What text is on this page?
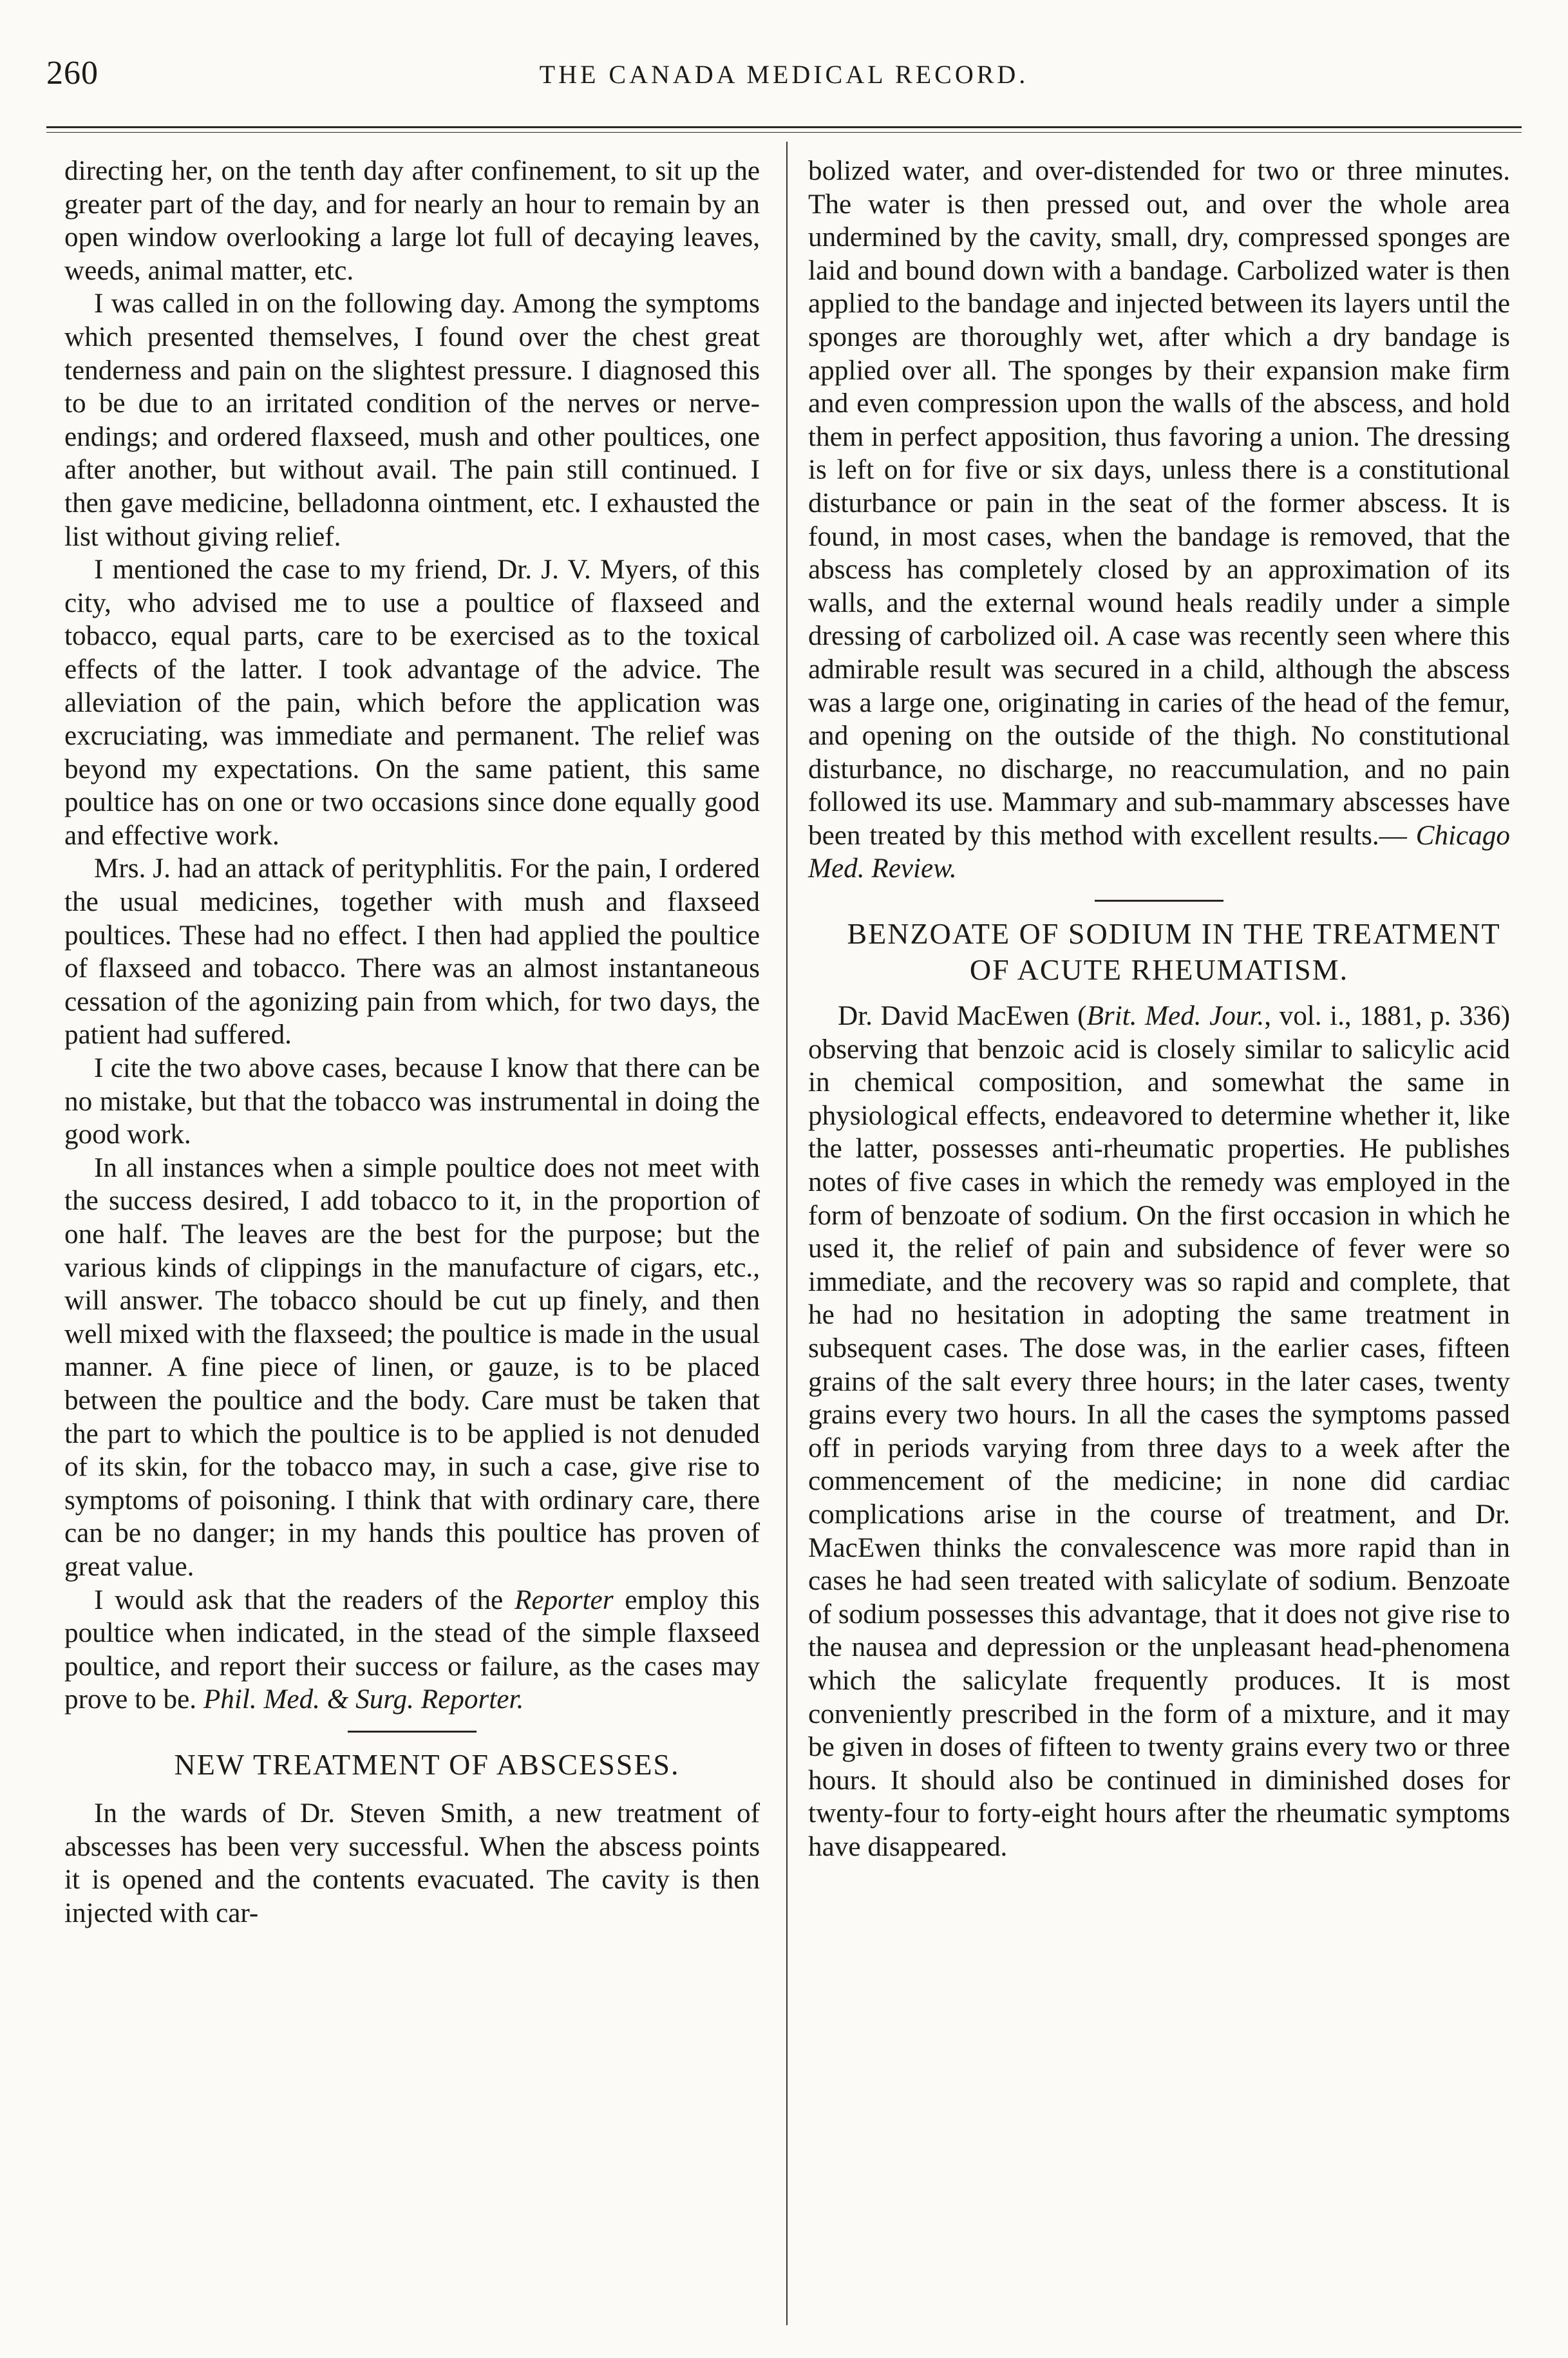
260	THE CANADA MEDICAL RECORD.

directing her, on the tenth day after confinement, to sit up the greater part of the day, and for nearly an hour to remain by an open window overlooking a large lot full of decaying leaves, weeds, animal matter, etc.

I was called in on the following day. Among the symptoms which presented themselves, I found over the chest great tenderness and pain on the slightest pressure. I diagnosed this to be due to an irritated condition of the nerves or nerve-endings; and ordered flaxseed, mush and other poultices, one after another, but without avail. The pain still continued. I then gave medicine, belladonna ointment, etc. I exhausted the list without giving relief.

I mentioned the case to my friend, Dr. J. V. Myers, of this city, who advised me to use a poultice of flaxseed and tobacco, equal parts, care to be exercised as to the toxical effects of the latter. I took advantage of the advice. The alleviation of the pain, which before the application was excruciating, was immediate and permanent. The relief was beyond my expectations. On the same patient, this same poultice has on one or two occasions since done equally good and effective work.

Mrs. J. had an attack of perityphlitis. For the pain, I ordered the usual medicines, together with mush and flaxseed poultices. These had no effect. I then had applied the poultice of flaxseed and tobacco. There was an almost instantaneous cessation of the agonizing pain from which, for two days, the patient had suffered.

I cite the two above cases, because I know that there can be no mistake, but that the tobacco was instrumental in doing the good work.

In all instances when a simple poultice does not meet with the success desired, I add tobacco to it, in the proportion of one half. The leaves are the best for the purpose; but the various kinds of clippings in the manufacture of cigars, etc., will answer. The tobacco should be cut up finely, and then well mixed with the flaxseed; the poultice is made in the usual manner. A fine piece of linen, or gauze, is to be placed between the poultice and the body. Care must be taken that the part to which the poultice is to be applied is not denuded of its skin, for the tobacco may, in such a case, give rise to symptoms of poisoning. I think that with ordinary care, there can be no danger; in my hands this poultice has proven of great value.

I would ask that the readers of the Reporter employ this poultice when indicated, in the stead of the simple flaxseed poultice, and report their success or failure, as the cases may prove to be. Phil. Med. & Surg. Reporter.

NEW TREATMENT OF ABSCESSES.

In the wards of Dr. Steven Smith, a new treatment of abscesses has been very successful. When the abscess points it is opened and the contents evacuated. The cavity is then injected with car-

bolized water, and over-distended for two or three minutes. The water is then pressed out, and over the whole area undermined by the cavity, small, dry, compressed sponges are laid and bound down with a bandage. Carbolized water is then applied to the bandage and injected between its layers until the sponges are thoroughly wet, after which a dry bandage is applied over all. The sponges by their expansion make firm and even compression upon the walls of the abscess, and hold them in perfect apposition, thus favoring a union. The dressing is left on for five or six days, unless there is a constitutional disturbance or pain in the seat of the former abscess. It is found, in most cases, when the bandage is removed, that the abscess has completely closed by an approximation of its walls, and the external wound heals readily under a simple dressing of carbolized oil. A case was recently seen where this admirable result was secured in a child, although the abscess was a large one, originating in caries of the head of the femur, and opening on the outside of the thigh. No constitutional disturbance, no discharge, no reaccumulation, and no pain followed its use. Mammary and sub-mammary abscesses have been treated by this method with excellent results.— Chicago Med. Review.

BENZOATE OF SODIUM IN THE TREATMENT OF ACUTE RHEUMATISM.

Dr. David MacEwen (Brit. Med. Jour., vol. i., 1881, p. 336) observing that benzoic acid is closely similar to salicylic acid in chemical composition, and somewhat the same in physiological effects, endeavored to determine whether it, like the latter, possesses anti-rheumatic properties. He publishes notes of five cases in which the remedy was employed in the form of benzoate of sodium. On the first occasion in which he used it, the relief of pain and subsidence of fever were so immediate, and the recovery was so rapid and complete, that he had no hesitation in adopting the same treatment in subsequent cases. The dose was, in the earlier cases, fifteen grains of the salt every three hours; in the later cases, twenty grains every two hours. In all the cases the symptoms passed off in periods varying from three days to a week after the commencement of the medicine; in none did cardiac complications arise in the course of treatment, and Dr. MacEwen thinks the convalescence was more rapid than in cases he had seen treated with salicylate of sodium. Benzoate of sodium possesses this advantage, that it does not give rise to the nausea and depression or the unpleasant head-phenomena which the salicylate frequently produces. It is most conveniently prescribed in the form of a mixture, and it may be given in doses of fifteen to twenty grains every two or three hours. It should also be continued in diminished doses for twenty-four to forty-eight hours after the rheumatic symptoms have disappeared.
